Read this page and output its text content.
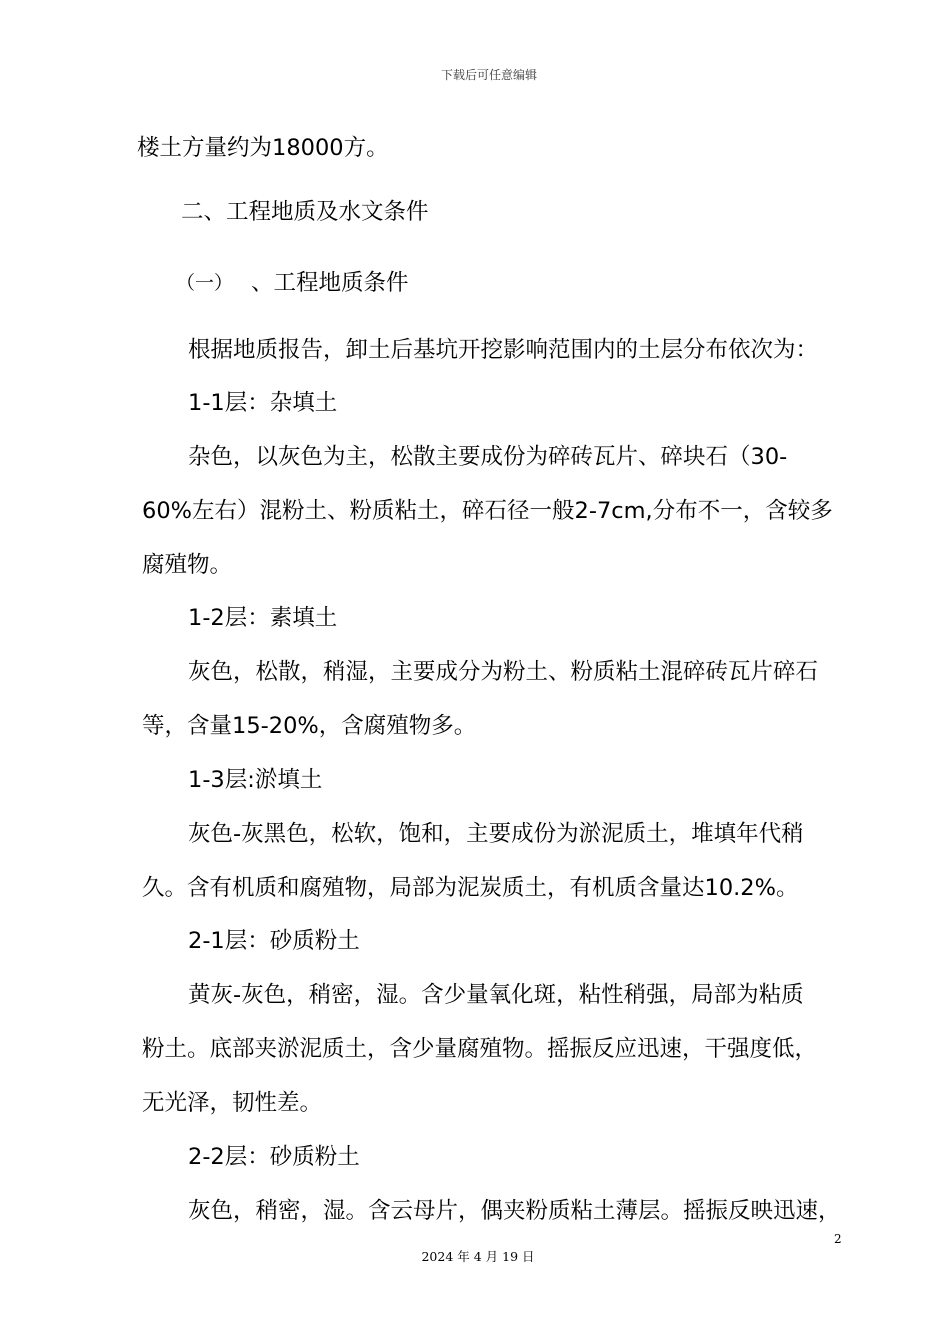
下载后可任意编辑
楼土方量约为18000方。
二、工程地质及水文条件
（一） 、工程地质条件
根据地质报告，卸土后基坑开挖影响范围内的土层分布依次为：
1-1层：杂填土
杂色，以灰色为主，松散主要成份为碎砖瓦片、碎块石（30-
60%左右）混粉土、粉质粘土，碎石径一般2-7cm,分布不一，含较多
腐殖物。
1-2层：素填土
灰色，松散，稍湿，主要成分为粉土、粉质粘土混碎砖瓦片碎石
等，含量15-20%，含腐殖物多。
1-3层:淤填土
灰色-灰黑色，松软，饱和，主要成份为淤泥质土，堆填年代稍
久。含有机质和腐殖物，局部为泥炭质土，有机质含量达10.2%。
2-1层：砂质粉土
黄灰-灰色，稍密，湿。含少量氧化斑，粘性稍强，局部为粘质
粉土。底部夹淤泥质土，含少量腐殖物。摇振反应迅速，干强度低，
无光泽，韧性差。
2-2层：砂质粉土
灰色，稍密，湿。含云母片，偶夹粉质粘土薄层。摇振反映迅速，
2
2024 年 4 月 19 日
